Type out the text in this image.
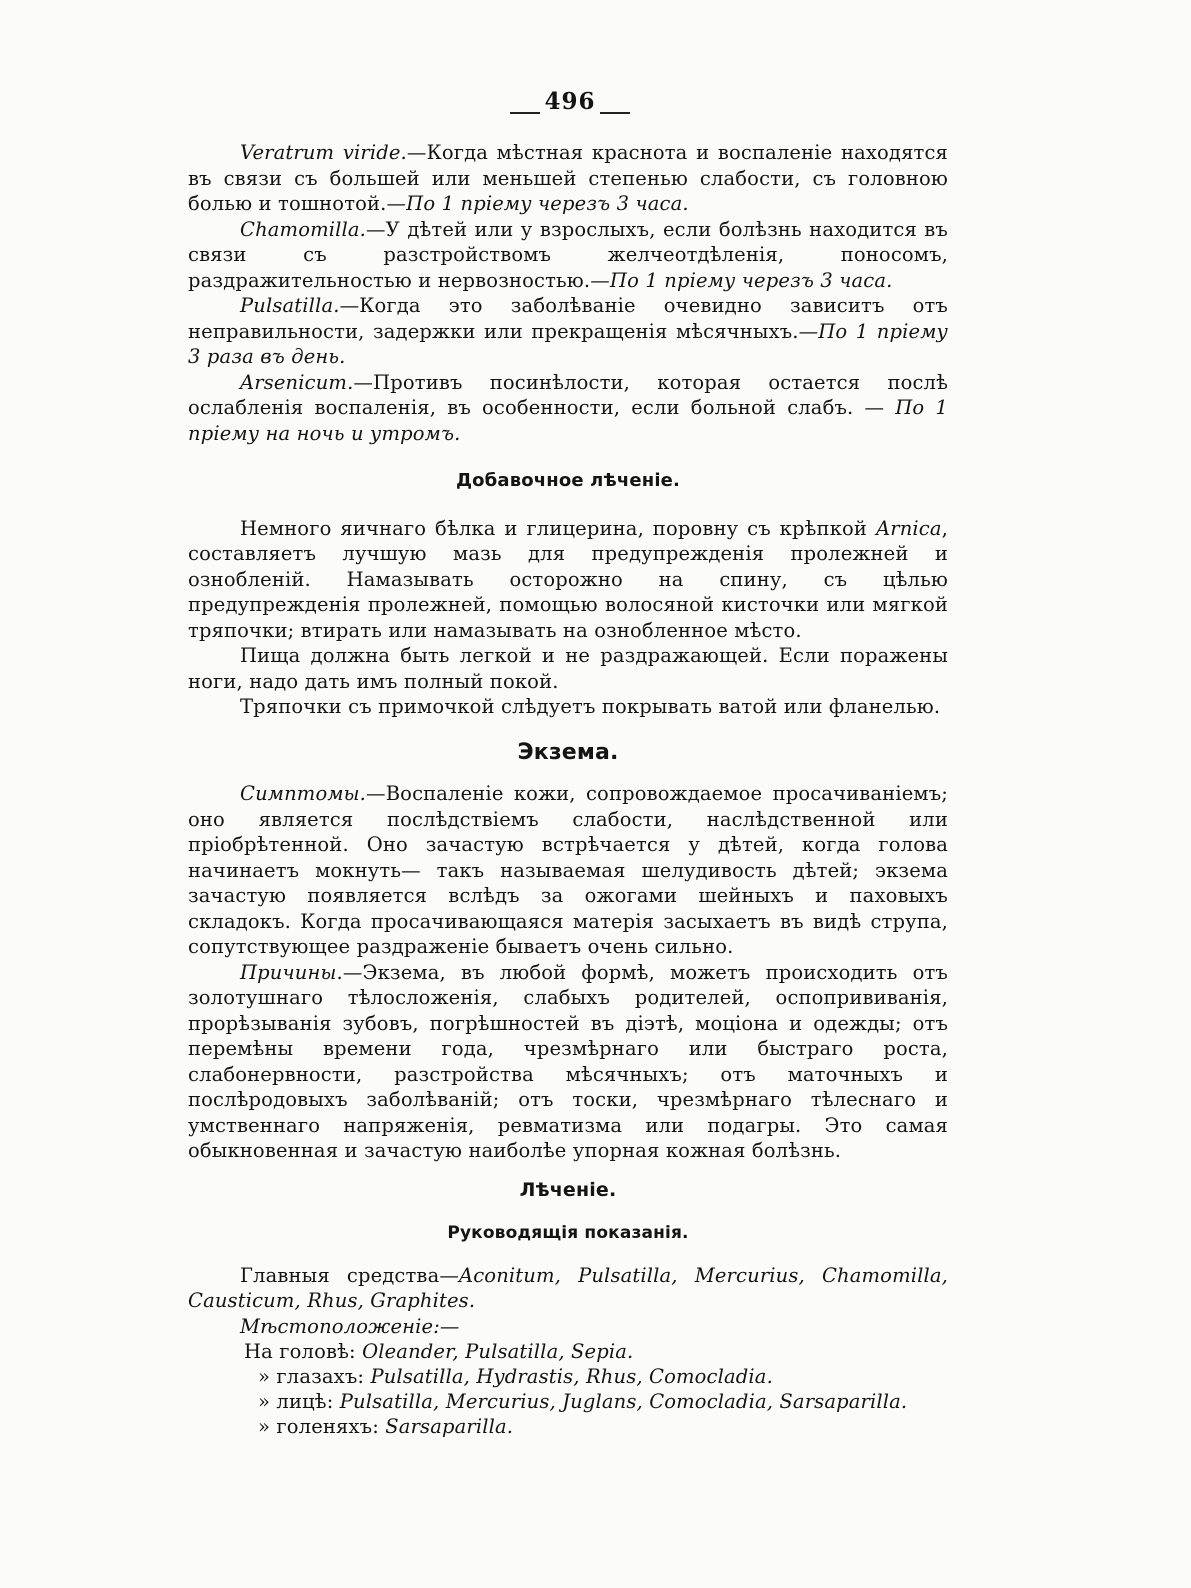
496

Veratrum viride.—Когда мѣстная краснота и воспаленіе находятся въ связи съ большей или меньшей степенью слабости, съ головною болью и тошнотой.—По 1 пріему черезъ 3 часа.

Chamomilla.—У дѣтей или у взрослыхъ, если болѣзнь находится въ связи съ разстройствомъ желчеотдѣленія, поносомъ, раздражительностью и нервозностью.—По 1 пріему черезъ 3 часа.

Pulsatilla.—Когда это заболѣваніе очевидно зависитъ отъ неправильности, задержки или прекращенія мѣсячныхъ.—По 1 пріему 3 раза въ день.

Arsenicum.—Противъ посинѣлости, которая остается послѣ ослабленія воспаленія, въ особенности, если больной слабъ. — По 1 пріему на ночь и утромъ.

Добавочное лѣченіе.

Немного яичнаго бѣлка и глицерина, поровну съ крѣпкой Arnica, составляетъ лучшую мазь для предупрежденія пролежней и ознобленій. Намазывать осторожно на спину, съ цѣлью предупрежденія пролежней, помощью волосяной кисточки или мягкой тряпочки; втирать или намазывать на ознобленное мѣсто.

Пища должна быть легкой и не раздражающей. Если поражены ноги, надо дать имъ полный покой.

Тряпочки съ примочкой слѣдуетъ покрывать ватой или фланелью.

Экзема.

Симптомы.—Воспаленіе кожи, сопровождаемое просачиваніемъ; оно является послѣдствіемъ слабости, наслѣдственной или пріобрѣтенной. Оно зачастую встрѣчается у дѣтей, когда голова начинаетъ мокнуть— такъ называемая шелудивость дѣтей; экзема зачастую появляется вслѣдъ за ожогами шейныхъ и паховыхъ складокъ. Когда просачивающаяся матерія засыхаетъ въ видѣ струпа, сопутствующее раздраженіе бываетъ очень сильно.

Причины.—Экзема, въ любой формѣ, можетъ происходить отъ золотушнаго тѣлосложенія, слабыхъ родителей, оспопрививанія, прорѣзыванія зубовъ, погрѣшностей въ діэтѣ, моціона и одежды; отъ перемѣны времени года, чрезмѣрнаго или быстраго роста, слабонервности, разстройства мѣсячныхъ; отъ маточныхъ и послѣродовыхъ заболѣваній; отъ тоски, чрезмѣрнаго тѣлеснаго и умственнаго напряженія, ревматизма или подагры. Это самая обыкновенная и зачастую наиболѣе упорная кожная болѣзнь.

Лѣченіе.
Руководящія показанія.

Главныя средства—Aconitum, Pulsatilla, Mercurius, Chamomilla, Causticum, Rhus, Graphites.

Мѣстоположеніе:—

На головѣ: Oleander, Pulsatilla, Sepia.
» глазахъ: Pulsatilla, Hydrastis, Rhus, Comocladia.
» лицѣ: Pulsatilla, Mercurius, Juglans, Comocladia, Sarsaparilla.
» голеняхъ: Sarsaparilla.
